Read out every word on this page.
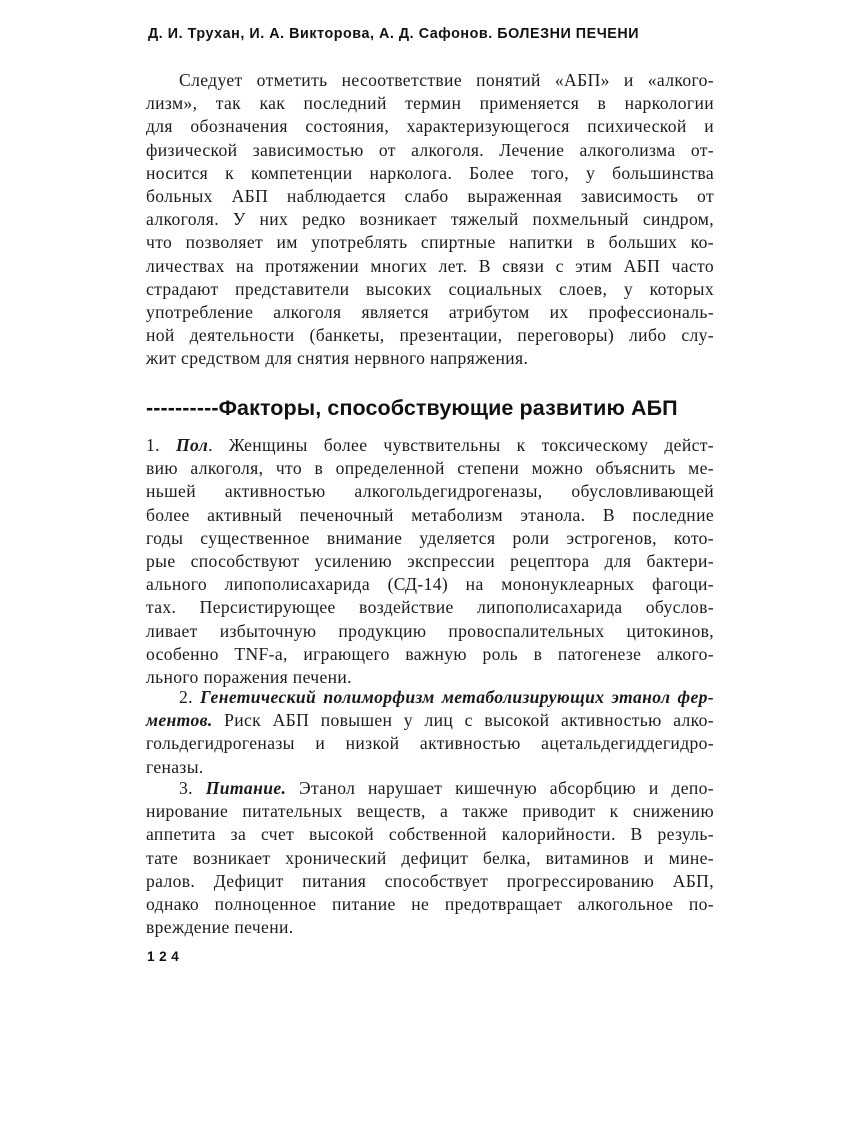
Д. И. Трухан, И. А. Викторова, А. Д. Сафонов. БОЛЕЗНИ ПЕЧЕНИ
Следует отметить несоответствие понятий «АБП» и «алкого-
лизм», так как последний термин применяется в наркологии
для обозначения состояния, характеризующегося психической и
физической зависимостью от алкоголя. Лечение алкоголизма от-
носится к компетенции нарколога. Более того, у большинства
больных АБП наблюдается слабо выраженная зависимость от
алкоголя. У них редко возникает тяжелый похмельный синдром,
что позволяет им употреблять спиртные напитки в больших ко-
личествах на протяжении многих лет. В связи с этим АБП часто
страдают представители высоких социальных слоев, у которых
употребление алкоголя является атрибутом их профессиональ-
ной деятельности (банкеты, презентации, переговоры) либо слу-
жит средством для снятия нервного напряжения.
----------Факторы, способствующие развитию АБП
1. Пол. Женщины более чувствительны к токсическому дейст-
вию алкоголя, что в определенной степени можно объяснить ме-
ньшей активностью алкогольдегидрогеназы, обусловливающей
более активный печеночный метаболизм этанола. В последние
годы существенное внимание уделяется роли эстрогенов, кото-
рые способствуют усилению экспрессии рецептора для бактери-
ального липополисахарида (СД-14) на мононуклеарных фагоци-
тах. Персистирующее воздействие липополисахарида обуслов-
ливает избыточную продукцию провоспалительных цитокинов,
особенно TNF-а, играющего важную роль в патогенезе алкого-
льного поражения печени.
2. Генетический полиморфизм метаболизирующих этанол фер-
ментов. Риск АБП повышен у лиц с высокой активностью алко-
гольдегидрогеназы и низкой активностью ацетальдегиддегидро-
геназы.
3. Питание. Этанол нарушает кишечную абсорбцию и депо-
нирование питательных веществ, а также приводит к снижению
аппетита за счет высокой собственной калорийности. В резуль-
тате возникает хронический дефицит белка, витаминов и мине-
ралов. Дефицит питания способствует прогрессированию АБП,
однако полноценное питание не предотвращает алкогольное по-
вреждение печени.
124
